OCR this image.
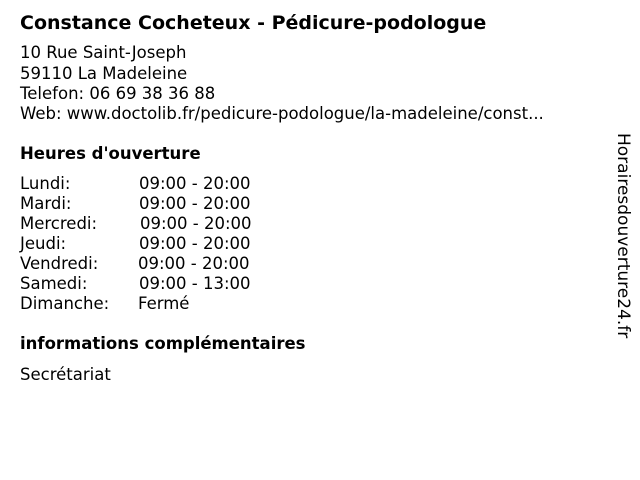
Constance Cocheteux - Pédicure-podologue
10 Rue Saint-Joseph
59110 La Madeleine
Telefon: 06 69 38 36 88
Web: www.doctolib.fr/pedicure-podologue/la-madeleine/const...
Heures d'ouverture
Lundi:	09:00 - 20:00
Mardi:	09:00 - 20:00
Mercredi:	09:00 - 20:00
Jeudi:	09:00 - 20:00
Vendredi: 09:00 - 20:00
Samedi:	09:00 - 13:00
Dimanche: Fermé
informations complémentaires
Secrétariat
Horairesdouverture24.fr
